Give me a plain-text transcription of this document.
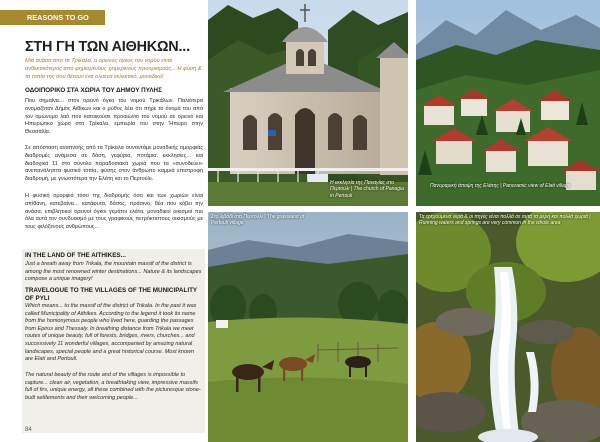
REASONS TO GO OUT
ΣΤΗ ΓΗ ΤΩΝ ΑΙΘΗΚΩΝ...
Μια ανάσα απο τα Τρίκαλα, ο ορεινός όγκος του νομού είναι ανθεκτικότερος από φημισμένους χειμερινούς προορισμούς... Η φύση & τα τοπία της σου θέτουν ένα ολοένα εκλεκτικό, μοναδικό!
ΟΔΟΙΠΟΡΙΚΟ ΣΤΑ ΧΩΡΙΑ ΤΟΥ ΔΗΜΟΥ ΠΥΛΗΣ
Που σημαίνει... στον ορεινό όγκο του νομού Τρικάλων. Παλιότερα ονομαζόταν Δήμος Αιθίκων και ο μύθος λέει ότι πήρε το όνομά του από τον ομώνυμο λαό που κατοικούσε προαιώνιο του νομού σε ορεινό και Ηπειρώτικο χώρο στα Τρίκαλα, εμπειρία του στην Ήπειρο στην Θεσσαλία.
Σε απόσταση αναπνοής από τα Τρίκαλα συναντάμε μοναδικής ομορφιάς διαδρομές ανάμεσα σε δάση, γεφύρια, ποτάμια, εκκλησίες... και διαδοχικά 11 στο σύνολο παραδοσιακά χωριά που τα «συνοδεύει» ανεπανάληπτα φυσικά τοπία, φύσης στον άνθρωπο καμμιά επιστροφή διαδρομή, με γνωστότερα την Ελάτη και το Περτούλι.
Η φυσική ομορφιά τόσο της διαδρομής όσο και των χωριών είναι απίθανη, κατεβαίνει... κατάφυτα, δάσος, πράσινο, θέα που κόβει την ανάσα, επιβλητικοί ορεινοί όγκοι γεμάτοι ελάτα, μοναδικοί οικισμοί πιο όλα αυτά τον συνδυασμό με τους γραφικούς πετρόκτιστους οικισμούς με τους φιλόξενους ανθρώπους...
IN THE LAND OF THE AITHIKES...
Just a breath away from Trikala, the mountain massif of the district is among the most renowned winter destinations... Nature & its landscapes compose a unique imagery!
TRAVELOGUE TO THE VILLAGES OF THE MUNICIPALITY OF PYLI
Which means... to the massif of the district of Trikala. In the past it was called Municipality of Aithikes. According to the legend it took its name from the homonymous people who lived here, guarding the passages from Epirus and Thessaly. In breathing distance from Trikala we meet routes of unique beauty, full of forests, bridges, rivers, churches... and successively 11 wonderful villages, accompanied by amazing natural landscapes, special people and a great historical course. Most known are Elati and Pertouli.
The natural beauty of the route and of the villages is impossible to capture... clean air, vegetation, a breathtaking view, impressive massifs full of firs, unique energy, all these combined with the picturesque stone-built settlements and their welcoming people...
84
Η εκκλησία της Παναγίας στο Περτούλι | The church of Panagia in Pertouli
Πανοραμική άποψη της Ελάτης | Panoramic view of Elati village
Στο λιβάδι στο Περτούλι | The grassland of Pertouli village
Τα τρεχούμενα νερά & οι πηγές είναι πολλά σε αυτά τα μέρη και πολλά χωριά | Running waters and springs are very common in the whole area
